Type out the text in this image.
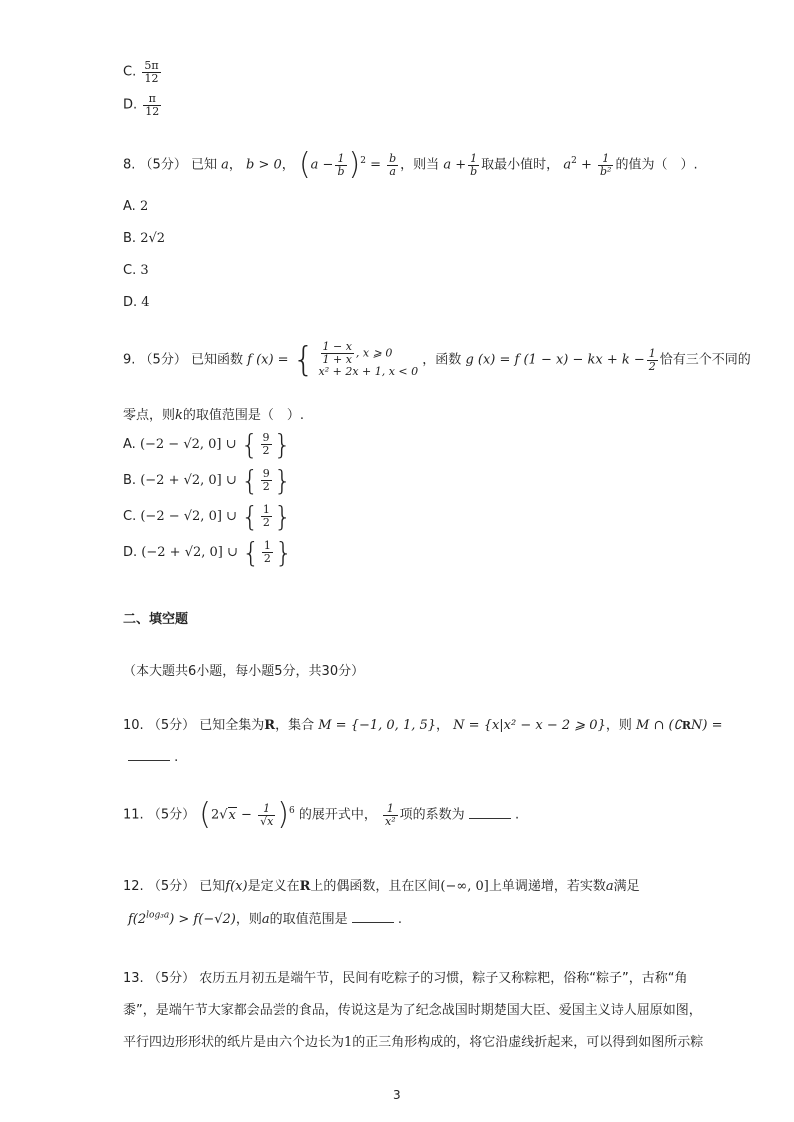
C. $\frac{5\pi}{12}$
D. $\frac{\pi}{12}$
8. （5分） 已知 a， b > 0， $(a - \frac{1}{b} )^2 = \frac{b}{a}$ ，则当 $a + \frac{1}{b}$ 取最小值时， $a^2 + \frac{1}{\text{b²}}$ 的值为（　）.
A. 2
B. 2√2
C. 3
D. 4
9. （5分） 已知函数 f (x) = { $\frac{1 - x}{1 + x}$ , x ⩾ 0
x² + 2x + 1, x < 0
，函数 g (x) = f (1 − x) − kx + $k - \frac{1}{2}$ 恰有三个不同的
零点，则k的取值范围是（　）.
A. (−2 − √2, 0] ∪ { $\frac{9}{2}$ }
B. (−2 + √2, 0] ∪ { $\frac{9}{2}$ }
C. (−2 − √2, 0] ∪ { $\frac{1}{2}$ }
D. (−2 + √2, 0] ∪ { $\frac{1}{2}$ }
二、填空题
（本大题共6小题，每小题5分，共30分）
10. （5分） 已知全集为R，集合 M = {−1, 0, 1, 5}， N = {x|x² − x − 2 ⩾ 0}，则 M ∩ (∁RN) =
.
11. （5分） $(2√x - \frac{1}{√x} )^6$ 的展开式中， $\frac{1}{\text{x²}}$ 项的系数为	.
12. （5分） 已知f(x)是定义在R上的偶函数，且在区间(−∞, 0]上单调递增，若实数a满足
$f(2^{log_3a}) > f(-√2)$，则a的取值范围是	.
13. （5分） 农历五月初五是端午节，民间有吃粽子的习惯，粽子又称粽粑，俗称“粽子”，古称“角
黍”，是端午节大家都会品尝的食品，传说这是为了纪念战国时期楚国大臣、爱国主义诗人屈原如图，
平行四边形形状的纸片是由六个边长为1的正三角形构成的，将它沿虚线折起来，可以得到如图所示粽
3
